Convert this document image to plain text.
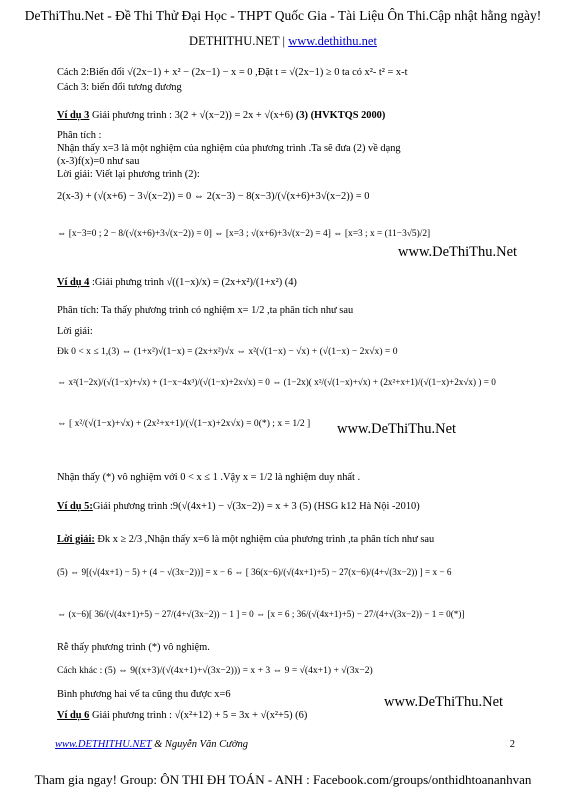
DeThiThu.Net - Đề Thi Thử Đại Học - THPT Quốc Gia - Tài Liệu Ôn Thi.Cập nhật hằng ngày!
DETHITHU.NET | www.dethithu.net
Cách 2:Biến đổi √(2x−1) + x² − (2x−1) − x = 0 ,Đặt t = √(2x−1) ≥ 0 ta có x²- t² = x-t
Cách 3: biến đổi tương đương
Ví dụ 3 Giải phương trình : 3(2 + √(x−2)) = 2x + √(x+6) (3) (HVKTQS 2000)
Phân tích :
Nhận thấy x=3 là một nghiệm của nghiệm của phương trình .Ta sẽ đưa (2) về dạng
(x-3)f(x)=0 như sau
Lời giải: Viết lại phương trình (2):
2(x-3) + (√(x+6) − 3√(x−2)) = 0 ⇔ 2(x−3) − 8(x−3)/(√(x+6)+3√(x−2)) = 0
⇔ [x−3=0 ; 2 − 8/(√(x+6)+3√(x−2)) = 0] ⇔ [x=3 ; √(x+6)+3√(x−2) = 4] ⇔ [x=3 ; x = (11−3√5)/2]
www.DeThiThu.Net
Ví dụ 4 :Giải phưng trình √((1−x)/x) = (2x+x²)/(1+x²) (4)
Phân tích: Ta thấy phương trình có nghiệm x= 1/2 ,ta phân tích như sau
Lời giải:
Đk 0 < x ≤ 1,(3) ⇔ (1+x²)√(1−x) = (2x+x²)√x ⇔ x²(√(1−x) − √x) + (√(1−x) − 2x√x) = 0
⇔ x²(1−2x)/(√(1−x)+√x) + (1−x−4x³)/(√(1−x)+2x√x) = 0 ⇔ (1−2x)( x²/(√(1−x)+√x) + (2x²+x+1)/(√(1−x)+2x√x) ) = 0
⇔ [ x²/(√(1−x)+√x) + (2x²+x+1)/(√(1−x)+2x√x) = 0(*) ; x = 1/2 ] www.DeThiThu.Net
Nhận thấy (*) vô nghiệm với 0 < x ≤ 1 .Vậy x = 1/2 là nghiệm duy nhất .
Ví dụ 5:Giải phương trình :9(√(4x+1) − √(3x−2)) = x + 3 (5) (HSG k12 Hà Nội -2010)
Lời giải: Đk x ≥ 2/3 ,Nhận thấy x=6 là một nghiệm của phương trình ,ta phân tích như sau
(5) ⇔ 9[(√(4x+1) − 5) + (4 − √(3x−2))] = x − 6 ⇔ [ 36(x−6)/(√(4x+1)+5) − 27(x−6)/(4+√(3x−2)) ] = x − 6
⇔ (x−6)[ 36/(√(4x+1)+5) − 27/(4+√(3x−2)) − 1 ] = 0 ⇔ [x = 6 ; 36/(√(4x+1)+5) − 27/(4+√(3x−2)) − 1 = 0(*)]
Rễ thấy phương trình (*) vô nghiệm.
Cách khác : (5) ⇔ 9((x+3)/(√(4x+1)+√(3x−2))) = x + 3 ⇔ 9 = √(4x+1) + √(3x−2)
Bình phương hai vế ta cũng thu được x=6	www.DeThiThu.Net
Ví dụ 6 Giải phương trình : √(x²+12) + 5 = 3x + √(x²+5) (6)
www.DETHITHU.NET & Nguyễn Văn Cường	2
Tham gia ngay! Group: ÔN THI ĐH TOÁN - ANH : Facebook.com/groups/onthidhtoananhvan
